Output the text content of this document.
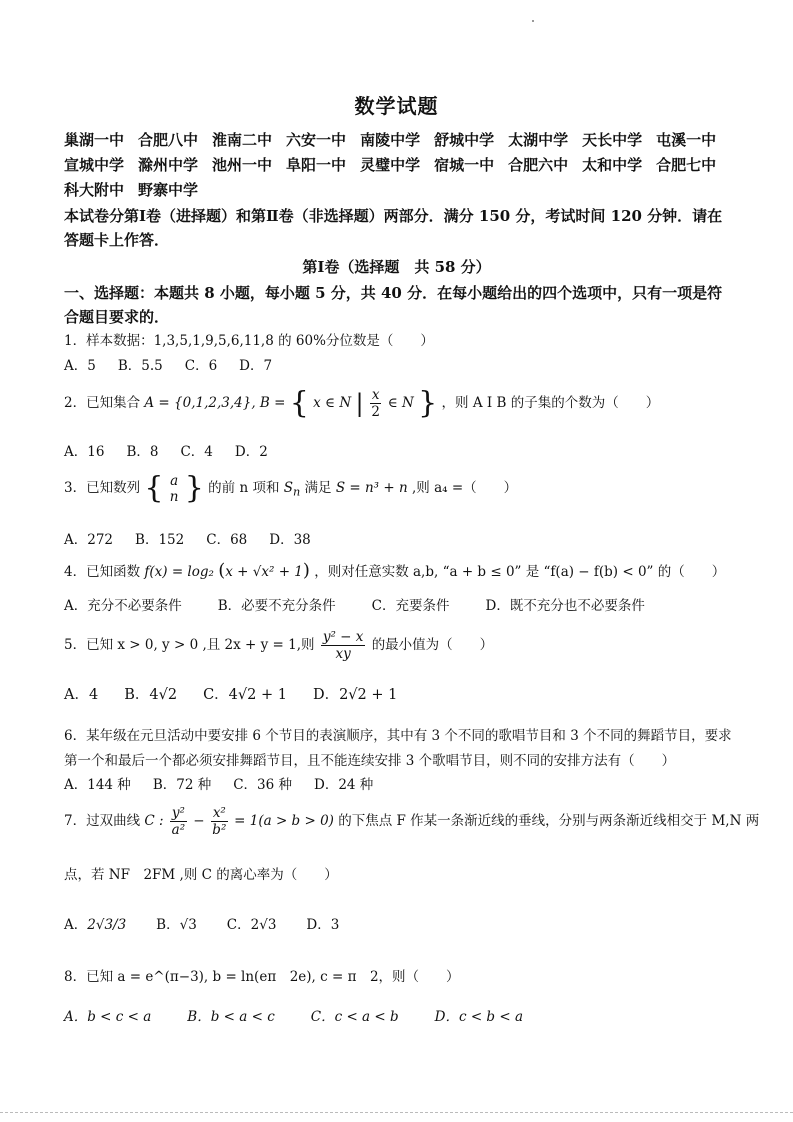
数学试题
巢湖一中 合肥八中 淮南二中 六安一中 南陵中学 舒城中学 太湖中学 天长中学 屯溪一中宣城中学 滁州中学 池州一中 阜阳一中 灵璧中学 宿城一中 合肥六中 太和中学 合肥七中科大附中 野寨中学
本试卷分第Ⅰ卷（进择题）和第Ⅱ卷（非选择题）两部分．满分 150 分，考试时间 120 分钟．请在答题卡上作答．
第Ⅰ卷（选择题　共 58 分）
一、选择题：本题共 8 小题，每小题 5 分，共 40 分．在每小题给出的四个选项中，只有一项是符合题目要求的．
1．样本数据：1,3,5,1,9,5,6,11,8 的 60%分位数是（　　）
A．5 B．5.5 C．6 D．7
2．已知集合 A = {0,1,2,3,4}, B = { x ∈ N | $\frac{x}{2}$ ∈ N } ，则 A I B 的子集的个数为（　　）
A．16 B．8 C．4 D．2
3．已知数列 { a
n } 的前 n 项和 $S_n$ 满足 S = n³ + n ,则 a₄ =（　　）
A．272 B．152 C．68 D．38
4．已知函数 f(x) = log₂ (x + √x² + 1) ，则对任意实数 a,b, “a + b ≤ 0” 是 “f(a) − f(b) < 0” 的（　　）
A．充分不必要条件	B．必要不充分条件	C．充要条件	D．既不充分也不必要条件
5．已知 x > 0, y > 0 ,且 2x + y = 1,则 $\frac{\text{y² − x}}{xy}$ 的最小值为（　　）
A．4 B．4√2 C．4√2 + 1 D．2√2 + 1
6．某年级在元旦活动中要安排 6 个节目的表演顺序，其中有 3 个不同的歌唱节目和 3 个不同的舞蹈节目，要求第一个和最后一个都必须安排舞蹈节目，且不能连续安排 3 个歌唱节目，则不同的安排方法有（　　）
A．144 种 B．72 种 C．36 种 D．24 种
7．过双曲线 C : $\frac{\text{y²}}{\text{a²}} - \frac{\text{x²}}{\text{b²}} = 1(a > b > 0)$ 的下焦点 F 作某一条渐近线的垂线，分别与两条渐近线相交于 M,N 两
点，若 NF　2FM ,则 C 的离心率为（　　）
A．2√3/3 B．√3 C．2√3 D．3
8．已知 a = e^(π−3), b = ln(eπ　2e), c = π　2，则（　　）
A．b < c < a	B．b < a < c	C．c < a < b	D．c < b < a
